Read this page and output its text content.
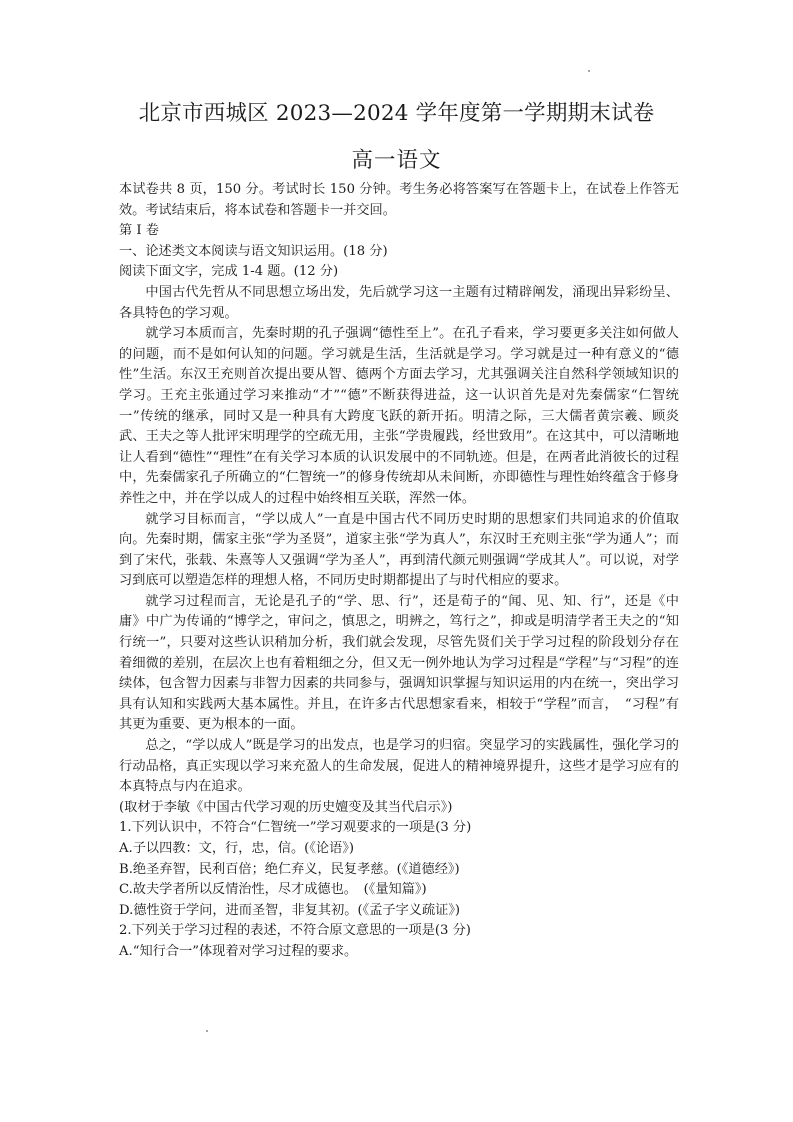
北京市西城区 2023—2024 学年度第一学期期末试卷
高一语文

本试卷共 8 页，150 分。考试时长 150 分钟。考生务必将答案写在答题卡上，在试卷上作答无效。考试结束后，将本试卷和答题卡一并交回。

第 I 卷

一、论述类文本阅读与语文知识运用。(18 分)

阅读下面文字，完成 1-4 题。(12 分)

中国古代先哲从不同思想立场出发，先后就学习这一主题有过精辟阐发，涌现出异彩纷呈、各具特色的学习观。

就学习本质而言，先秦时期的孔子强调“德性至上”。在孔子看来，学习要更多关注如何做人的问题，而不是如何认知的问题。学习就是生活，生活就是学习。学习就是过一种有意义的“德性”生活。东汉王充则首次提出要从智、德两个方面去学习，尤其强调关注自然科学领域知识的学习。王充主张通过学习来推动“才”“德”不断获得进益，这一认识首先是对先秦儒家“仁智统一”传统的继承，同时又是一种具有大跨度飞跃的新开拓。明清之际，三大儒者黄宗羲、顾炎武、王夫之等人批评宋明理学的空疏无用，主张“学贵履践，经世致用”。在这其中，可以清晰地让人看到“德性”“理性”在有关学习本质的认识发展中的不同轨迹。但是，在两者此消彼长的过程中，先秦儒家孔子所确立的“仁智统一”的修身传统却从未间断，亦即德性与理性始终蕴含于修身养性之中，并在学以成人的过程中始终相互关联，浑然一体。

就学习目标而言，“学以成人”一直是中国古代不同历史时期的思想家们共同追求的价值取向。先秦时期，儒家主张“学为圣贤”，道家主张“学为真人”，东汉时王充则主张“学为通人”；而到了宋代，张载、朱熹等人又强调“学为圣人”，再到清代颜元则强调“学成其人”。可以说，对学习到底可以塑造怎样的理想人格，不同历史时期都提出了与时代相应的要求。

就学习过程而言，无论是孔子的“学、思、行”，还是荀子的“闻、见、知、行”，还是《中庸》中广为传诵的“博学之，审问之，慎思之，明辨之，笃行之”，抑或是明清学者王夫之的“知行统一”，只要对这些认识稍加分析，我们就会发现，尽管先贤们关于学习过程的阶段划分存在着细微的差别，在层次上也有着粗细之分，但又无一例外地认为学习过程是“学程”与“习程”的连续体，包含智力因素与非智力因素的共同参与，强调知识掌握与知识运用的内在统一，突出学习具有认知和实践两大基本属性。并且，在许多古代思想家看来，相较于“学程”而言，　“习程”有其更为重要、更为根本的一面。

总之，“学以成人”既是学习的出发点，也是学习的归宿。突显学习的实践属性，强化学习的行动品格，真正实现以学习来充盈人的生命发展，促进人的精神境界提升，这些才是学习应有的本真特点与内在追求。

(取材于李敏《中国古代学习观的历史嬗变及其当代启示》)

1.下列认识中，不符合“仁智统一”学习观要求的一项是(3 分)

A.子以四教：文，行，忠，信。(《论语》)

B.绝圣弃智，民利百倍；绝仁弃义，民复孝慈。(《道德经》)

C.故夫学者所以反情治性，尽才成德也。　(《量知篇》)

D.德性资于学问，进而圣智，非复其初。(《孟子字义疏证》)

2.下列关于学习过程的表述，不符合原文意思的一项是(3 分)

A.“知行合一”体现着对学习过程的要求。
